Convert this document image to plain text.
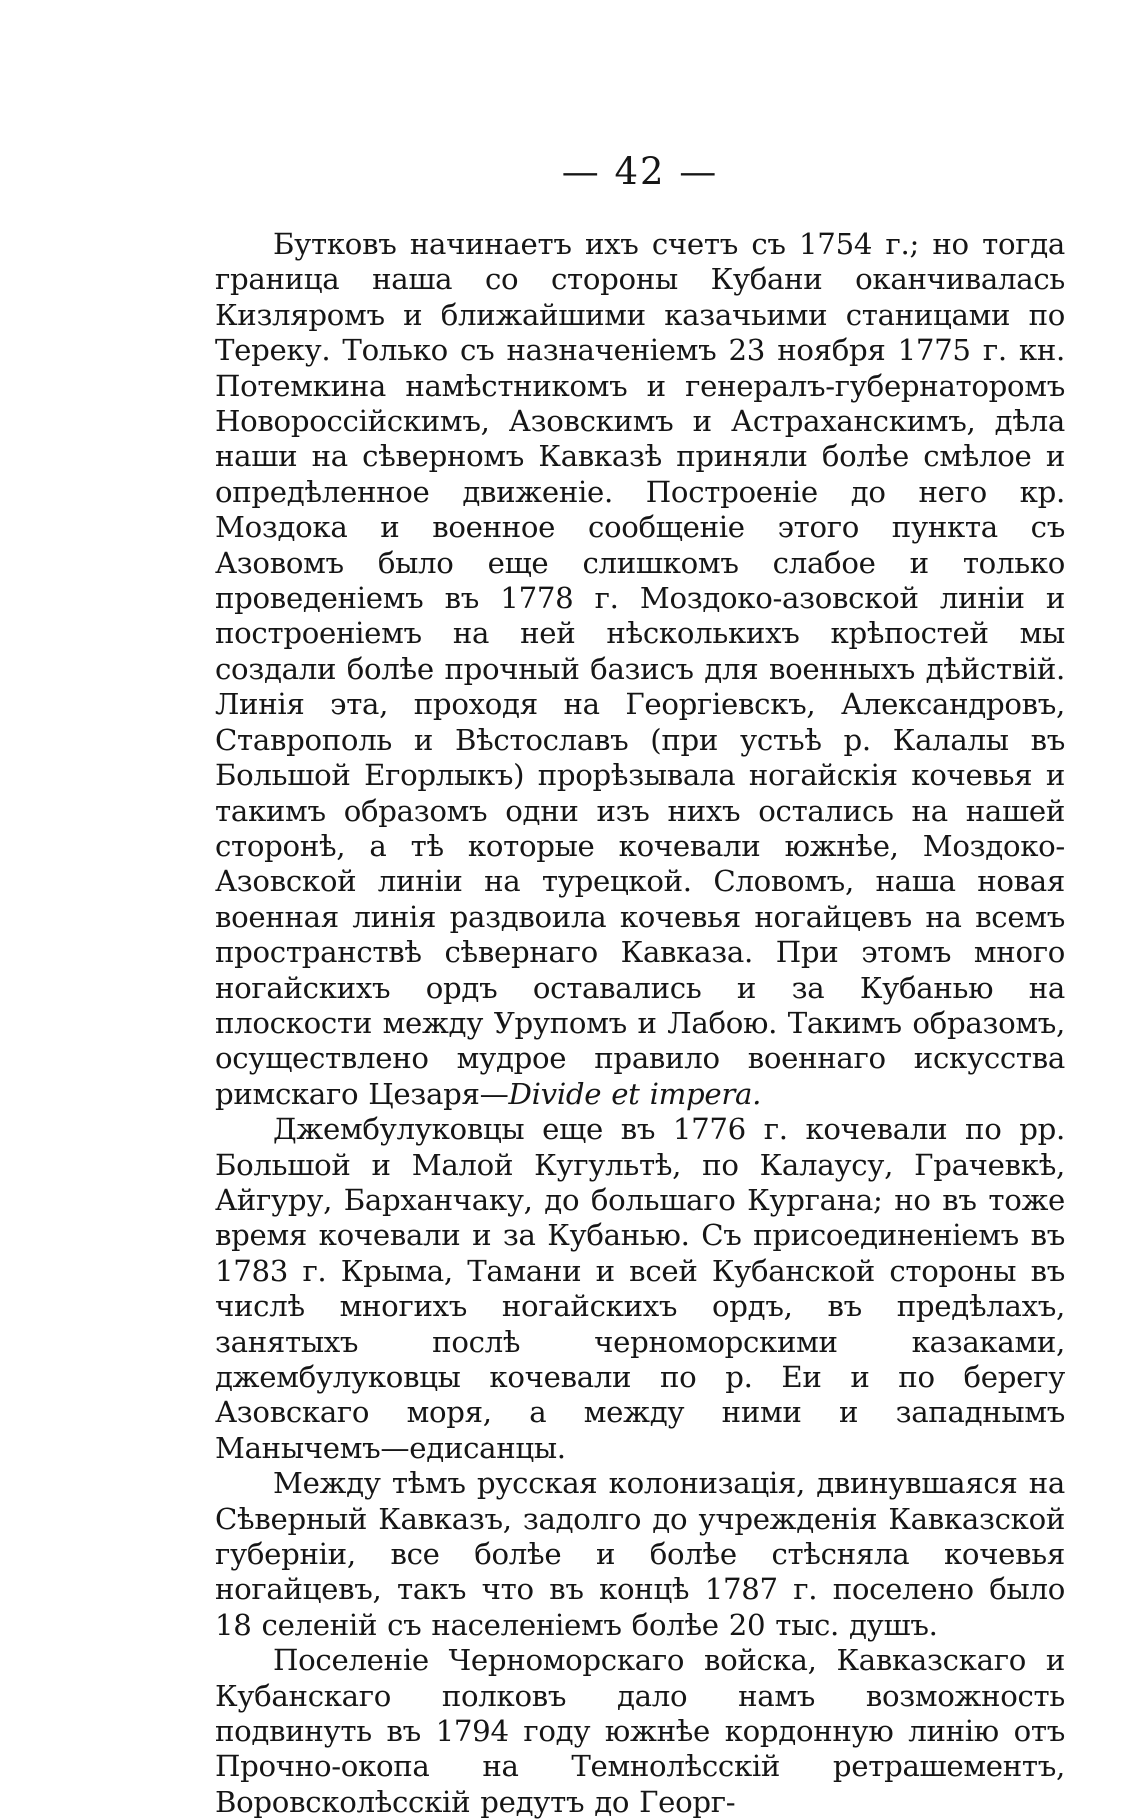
— 42 —

Бутковъ начинаетъ ихъ счетъ съ 1754 г.; но тогда граница наша со стороны Кубани оканчивалась Кизляромъ и ближайшими казачьими станицами по Тереку. Только съ назначеніемъ 23 ноября 1775 г. кн. Потемкина намѣстникомъ и генералъ-губернаторомъ Новороссійскимъ, Азовскимъ и Астраханскимъ, дѣла наши на сѣверномъ Кавказѣ приняли болѣе смѣлое и опредѣленное движеніе. Построеніе до него кр. Моздока и военное сообщеніе этого пункта съ Азовомъ было еще слишкомъ слабое и только проведеніемъ въ 1778 г. Моздоко-азовской линіи и построеніемъ на ней нѣсколькихъ крѣпостей мы создали болѣе прочный базисъ для военныхъ дѣйствій. Линія эта, проходя на Георгіевскъ, Александровъ, Ставрополь и Вѣстославъ (при устьѣ р. Калалы въ Большой Егорлыкъ) прорѣзывала ногайскія кочевья и такимъ образомъ одни изъ нихъ остались на нашей сторонѣ, а тѣ которые кочевали южнѣе, Моздоко-Азовской линіи на турецкой. Словомъ, наша новая военная линія раздвоила кочевья ногайцевъ на всемъ пространствѣ сѣвернаго Кавказа. При этомъ много ногайскихъ ордъ оставались и за Кубанью на плоскости между Урупомъ и Лабою. Такимъ образомъ, осуществлено мудрое правило военнаго искусства римскаго Цезаря—Divide et impera.

Джембулуковцы еще въ 1776 г. кочевали по рр. Большой и Малой Кугультѣ, по Калаусу, Грачевкѣ, Айгуру, Барханчаку, до большаго Кургана; но въ тоже время кочевали и за Кубанью. Съ присоединеніемъ въ 1783 г. Крыма, Тамани и всей Кубанской стороны въ числѣ многихъ ногайскихъ ордъ, въ предѣлахъ, занятыхъ послѣ черноморскими казаками, джембулуковцы кочевали по р. Еи и по берегу Азовскаго моря, а между ними и западнымъ Манычемъ—едисанцы.

Между тѣмъ русская колонизація, двинувшаяся на Сѣверный Кавказъ, задолго до учрежденія Кавказской губерніи, все болѣе и болѣе стѣсняла кочевья ногайцевъ, такъ что въ концѣ 1787 г. поселено было 18 селеній съ населеніемъ болѣе 20 тыс. душъ.

Поселеніе Черноморскаго войска, Кавказскаго и Кубанскаго полковъ дало намъ возможность подвинуть въ 1794 году южнѣе кордонную линію отъ Прочно-окопа на Темнолѣсскій ретрашементъ, Воровсколѣсскій редутъ до Георг-
